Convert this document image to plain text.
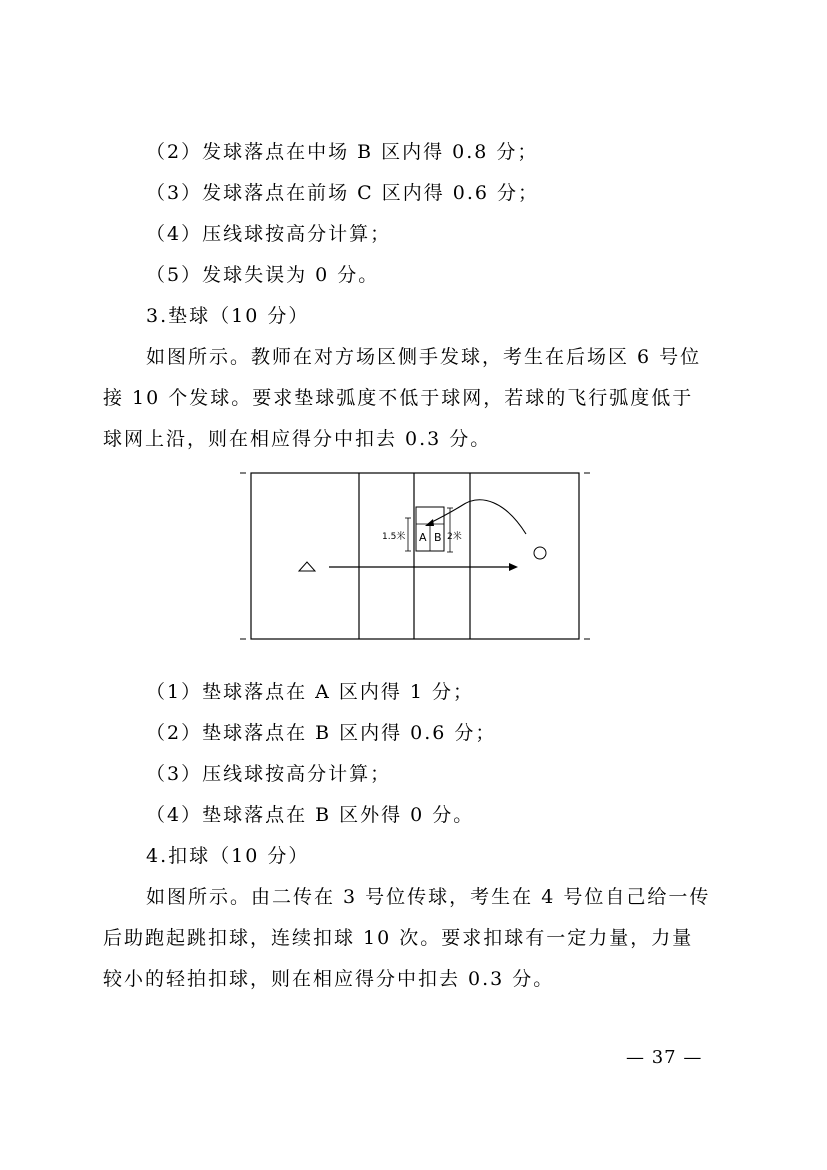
（2）发球落点在中场 B 区内得 0.8 分；

（3）发球落点在前场 C 区内得 0.6 分；

（4）压线球按高分计算；

（5）发球失误为 0 分。

3.垫球（10 分）

如图所示。教师在对方场区侧手发球，考生在后场区 6 号位

接 10 个发球。要求垫球弧度不低于球网，若球的飞行弧度低于

球网上沿，则在相应得分中扣去 0.3 分。

A B
1.5米	2米

（1）垫球落点在 A 区内得 1 分；

（2）垫球落点在 B 区内得 0.6 分；

（3）压线球按高分计算；

（4）垫球落点在 B 区外得 0 分。

4.扣球（10 分）

如图所示。由二传在 3 号位传球，考生在 4 号位自己给一传

后助跑起跳扣球，连续扣球 10 次。要求扣球有一定力量，力量

较小的轻拍扣球，则在相应得分中扣去 0.3 分。

— 37 —
